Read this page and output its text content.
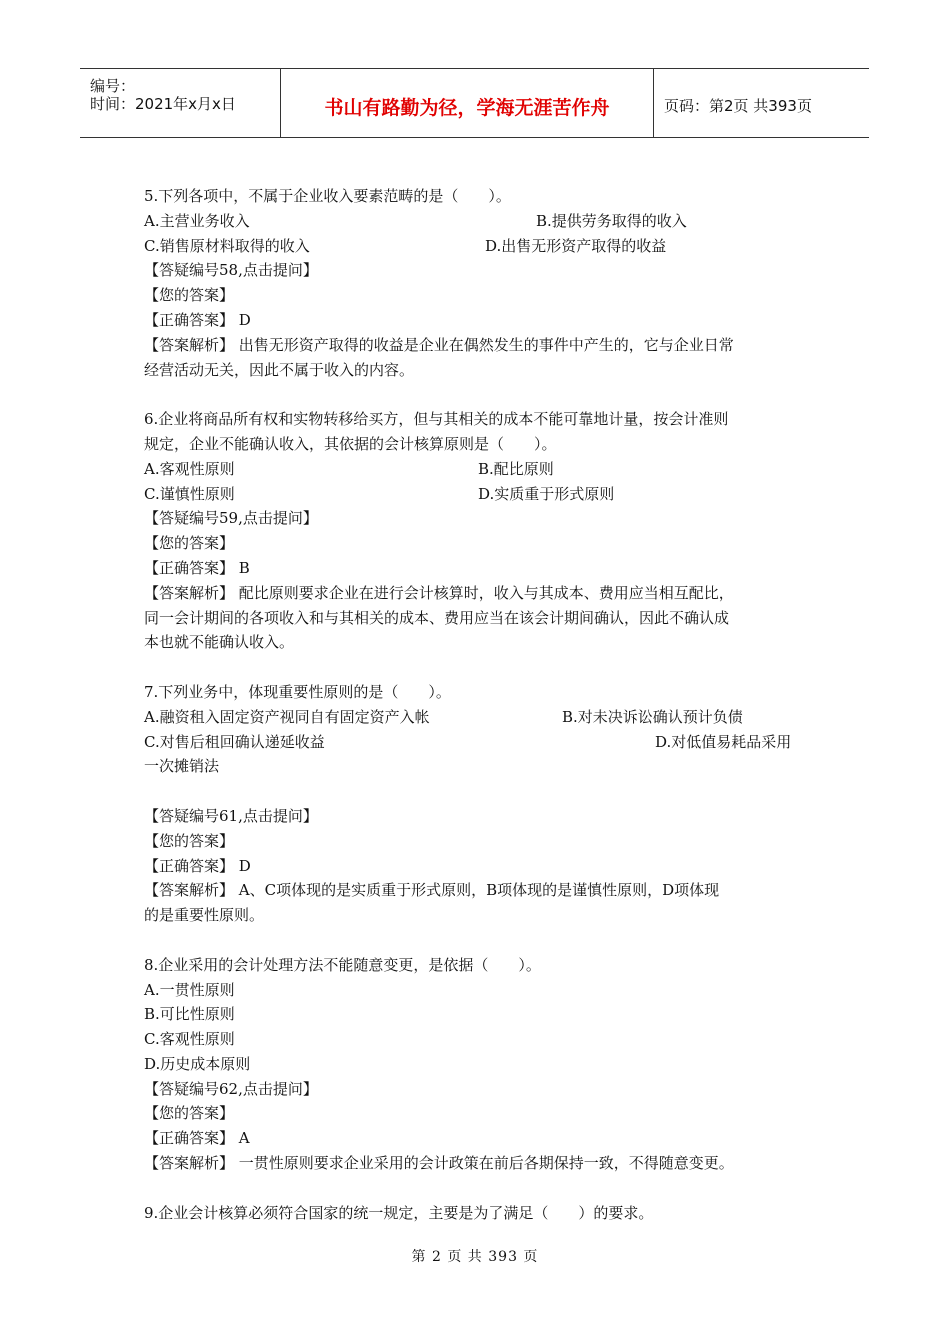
编号：
时间：2021年x月x日	书山有路勤为径，学海无涯苦作舟	页码：第2页 共393页
5.下列各项中，不属于企业收入要素范畴的是（　　）。
A.主营业务收入	B.提供劳务取得的收入
C.销售原材料取得的收入	D.出售无形资产取得的收益
【答疑编号58,点击提问】
【您的答案】
【正确答案】 D
【答案解析】 出售无形资产取得的收益是企业在偶然发生的事件中产生的，它与企业日常
经营活动无关，因此不属于收入的内容。
6.企业将商品所有权和实物转移给买方，但与其相关的成本不能可靠地计量，按会计准则
规定，企业不能确认收入，其依据的会计核算原则是（　　）。
A.客观性原则	B.配比原则
C.谨慎性原则	D.实质重于形式原则
【答疑编号59,点击提问】
【您的答案】
【正确答案】 B
【答案解析】 配比原则要求企业在进行会计核算时，收入与其成本、费用应当相互配比，
同一会计期间的各项收入和与其相关的成本、费用应当在该会计期间确认，因此不确认成
本也就不能确认收入。
7.下列业务中，体现重要性原则的是（　　）。
A.融资租入固定资产视同自有固定资产入帐	B.对未决诉讼确认预计负债
C.对售后租回确认递延收益	D.对低值易耗品采用
一次摊销法
【答疑编号61,点击提问】
【您的答案】
【正确答案】 D
【答案解析】 A、C项体现的是实质重于形式原则，B项体现的是谨慎性原则，D项体现
的是重要性原则。
8.企业采用的会计处理方法不能随意变更，是依据（　　）。
A.一贯性原则
B.可比性原则
C.客观性原则
D.历史成本原则
【答疑编号62,点击提问】
【您的答案】
【正确答案】 A
【答案解析】 一贯性原则要求企业采用的会计政策在前后各期保持一致，不得随意变更。
9.企业会计核算必须符合国家的统一规定，主要是为了满足（　　）的要求。
第 2 页 共 393 页
